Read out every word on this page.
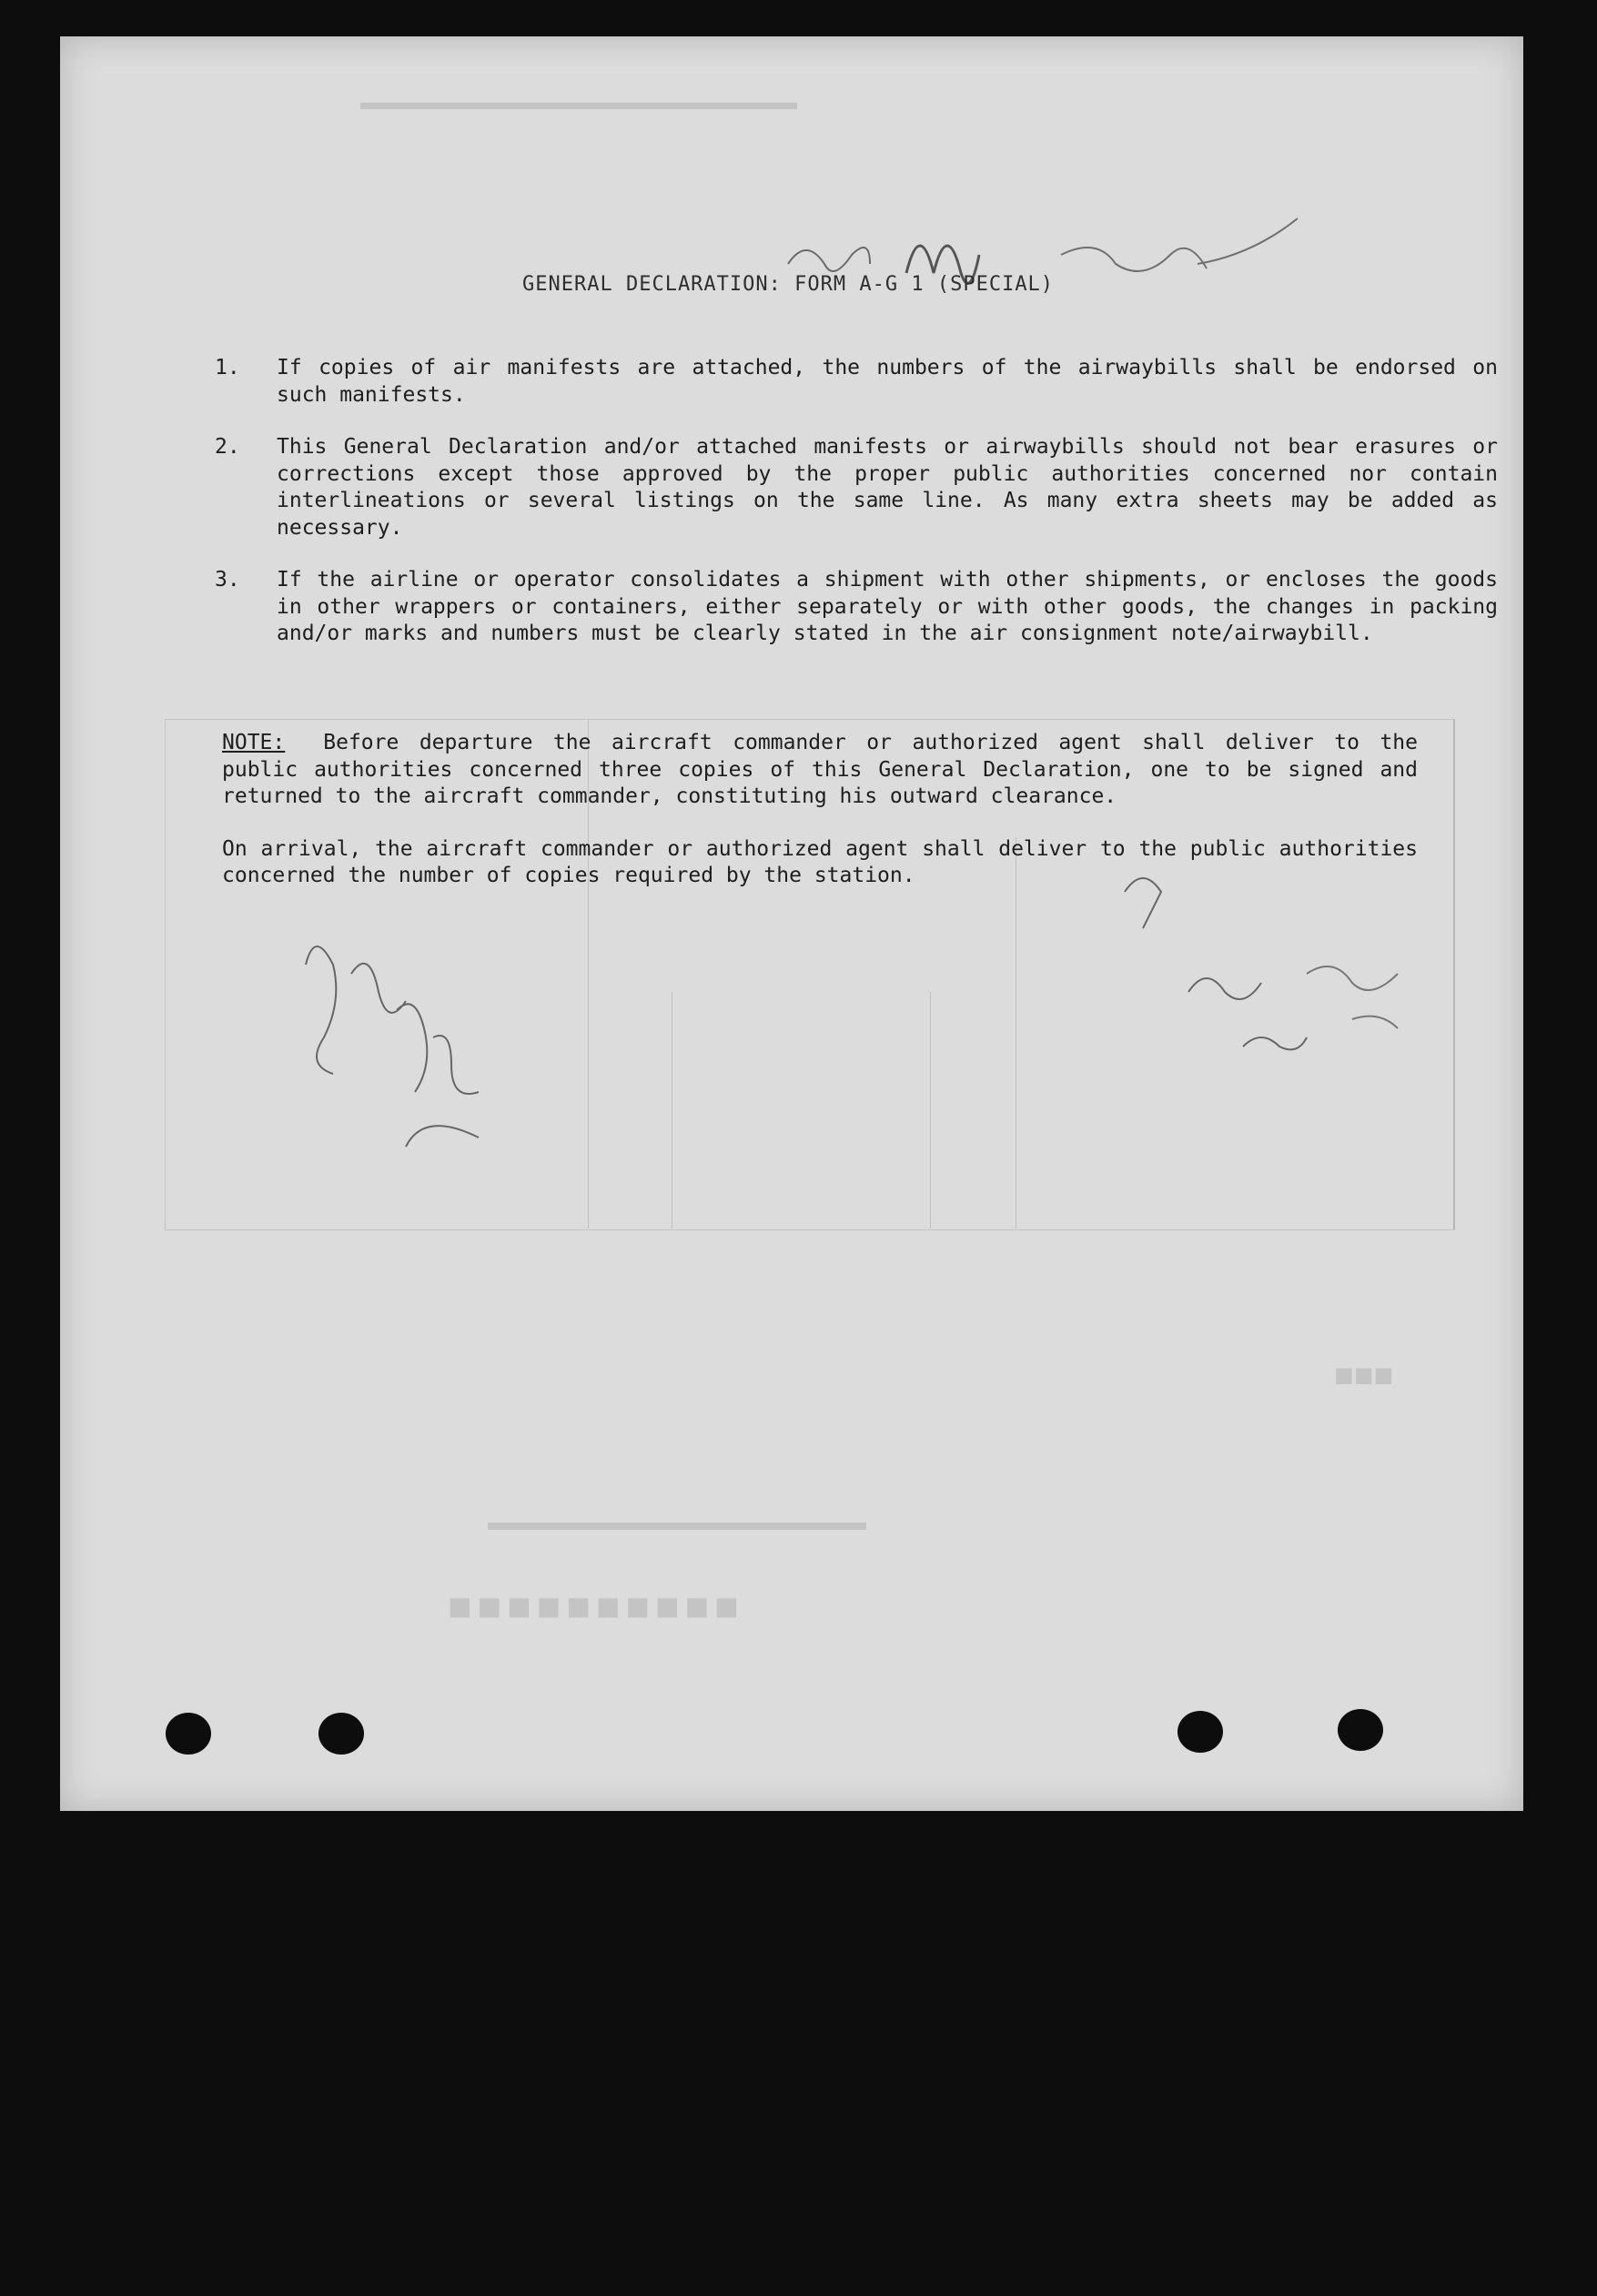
■■■■■■■■■■
▬▬▬▬▬▬▬▬▬▬▬▬▬▬▬▬
▬▬▬▬▬▬▬▬▬▬▬▬▬▬▬▬▬▬▬▬
■■■
GENERAL DECLARATION: FORM A-G 1 (SPECIAL)
1.	If copies of air manifests are attached, the numbers of the airwaybills shall be endorsed on such manifests.
2.	This General Declaration and/or attached manifests or airwaybills should not bear erasures or corrections except those approved by the proper public authorities concerned nor contain interlineations or several listings on the same line. As many extra sheets may be added as necessary.
3.	If the airline or operator consolidates a shipment with other shipments, or encloses the goods in other wrappers or containers, either separately or with other goods, the changes in packing and/or marks and numbers must be clearly stated in the air consignment note/airwaybill.

NOTE: Before departure the aircraft commander or authorized agent shall deliver to the public authorities concerned three copies of this General Declaration, one to be signed and returned to the aircraft commander, constituting his outward clearance.

On arrival, the aircraft commander or authorized agent shall deliver to the public authorities concerned the number of copies required by the station.
